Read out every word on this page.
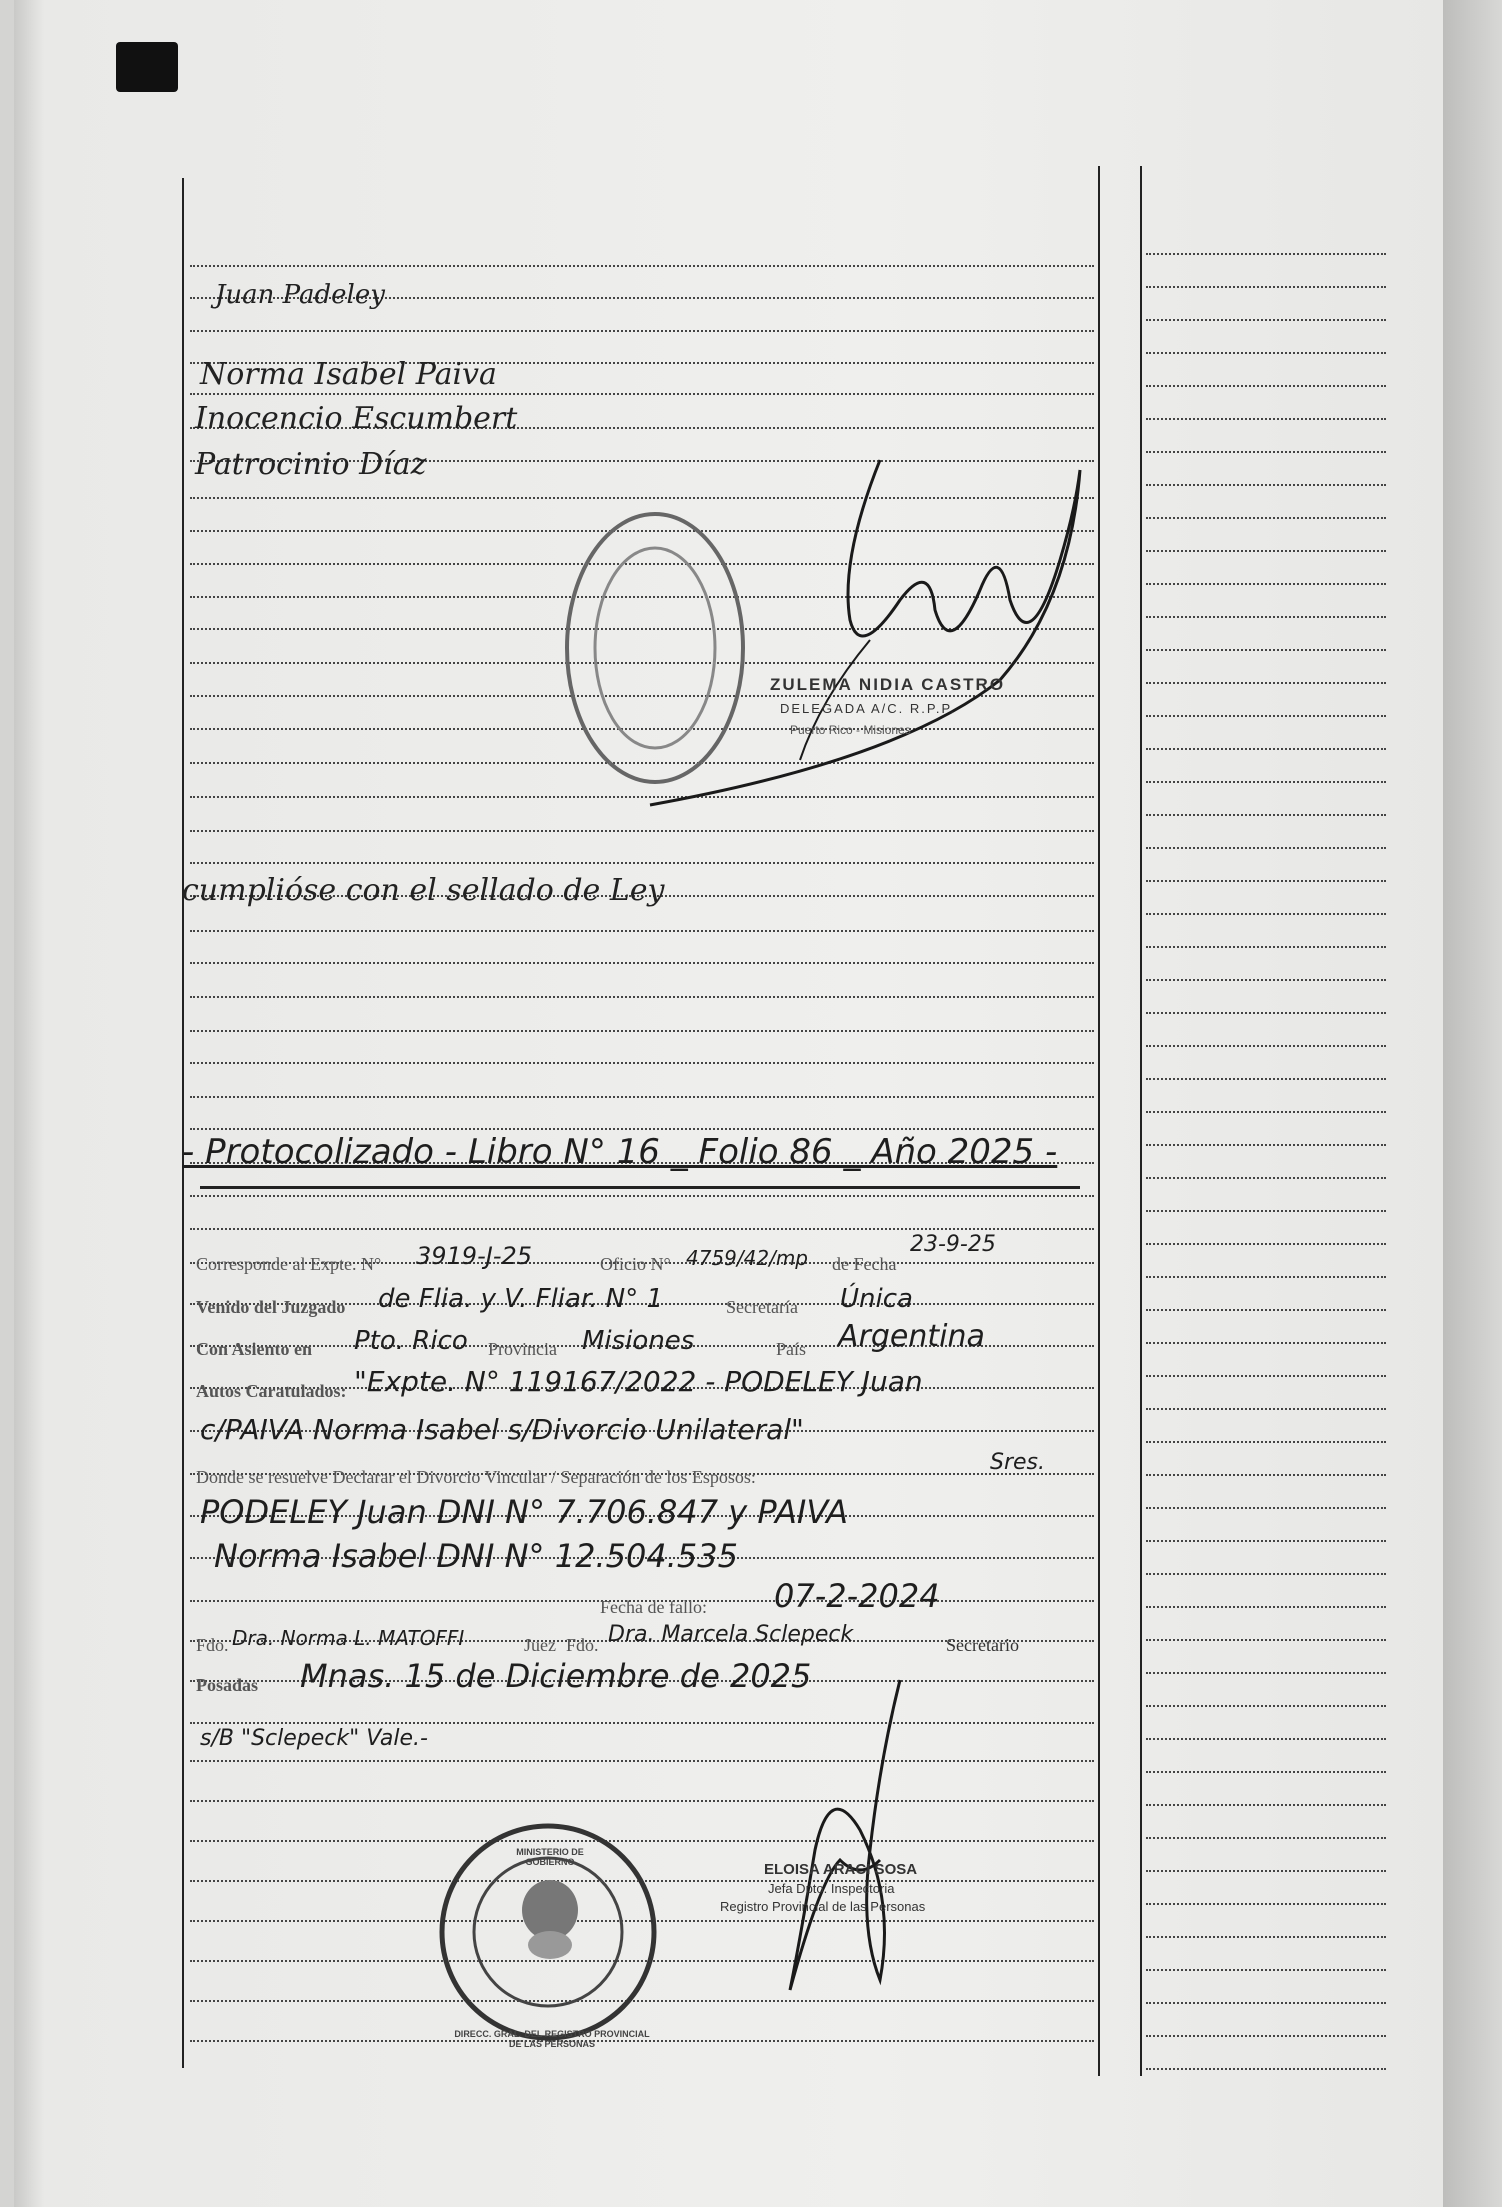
Juan Padeley
Norma Isabel Paiva
Inocencio Escumbert
Patrocinio Díaz
ZULEMA NIDIA CASTRO
DELEGADA A/C. R.P.P.
Puerto Rico - Misiones
cumplióse con el sellado de Ley
- Protocolizado - Libro N° 16 _ Folio 86 _ Año 2025 -
Corresponde al Expte. N° 3919-J-25	Oficio N° 4759/42/mp de Fecha
23-9-25
Venido del Juzgado de Flia. y V. Fliar. N° 1	Secretaría Única
Con Asiento en Pto. Rico Provincia Misiones	País Argentina
Autos Caratulados: "Expte. N° 119167/2022 - PODELEY Juan
c/PAIVA Norma Isabel s/Divorcio Unilateral"
Donde se resuelve Declarar el Divorcio Vincular / Separación de los Esposos:
Sres.
PODELEY Juan DNI N° 7.706.847 y PAIVA
Norma Isabel DNI N° 12.504.535
Fecha de fallo: 07-2-2024
Fdo. Dra. Norma L. MATOFFI	Juez Fdo. Dra. Marcela Sclepeck	Secretario
Posadas Mnas. 15 de Diciembre de 2025
s/B "Sclepeck" Vale.-
DIRECC. GRAL. DEL REGISTRO PROVINCIAL DE LAS PERSONAS
MINISTERIO DE GOBIERNO	ELOISA ARACI SOSA
Jefa Dpto. Inspectoria
Registro Provincial de las Personas
